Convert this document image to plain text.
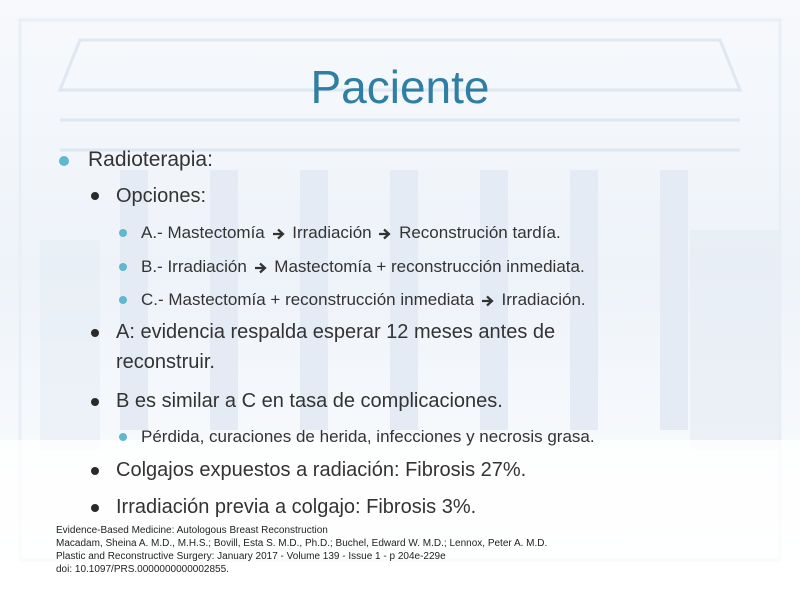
Paciente
Radioterapia:
Opciones:
A.- Mastectomía Irradiación Reconstrución tardía.
B.- Irradiación Mastectomía + reconstrucción inmediata.
C.- Mastectomía + reconstrucción inmediata Irradiación.
A: evidencia respalda esperar 12 meses antes de
reconstruir.
B es similar a C en tasa de complicaciones.
Pérdida, curaciones de herida, infecciones y necrosis grasa.
Colgajos expuestos a radiación: Fibrosis 27%.
Irradiación previa a colgajo: Fibrosis 3%.
Evidence-Based Medicine: Autologous Breast Reconstruction
Macadam, Sheina A. M.D., M.H.S.; Bovill, Esta S. M.D., Ph.D.; Buchel, Edward W. M.D.; Lennox, Peter A. M.D.
Plastic and Reconstructive Surgery: January 2017 - Volume 139 - Issue 1 - p 204e-229e
doi: 10.1097/PRS.0000000000002855.
